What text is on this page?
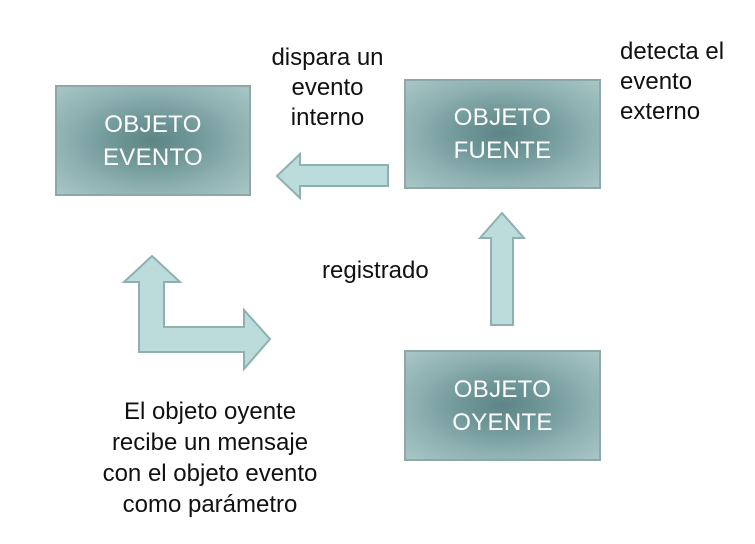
OBJETO
EVENTO
OBJETO
FUENTE
OBJETO
OYENTE
dispara un
evento
interno
detecta el
evento
externo
registrado
El objeto oyente
recibe un mensaje
con el objeto evento
como parámetro
